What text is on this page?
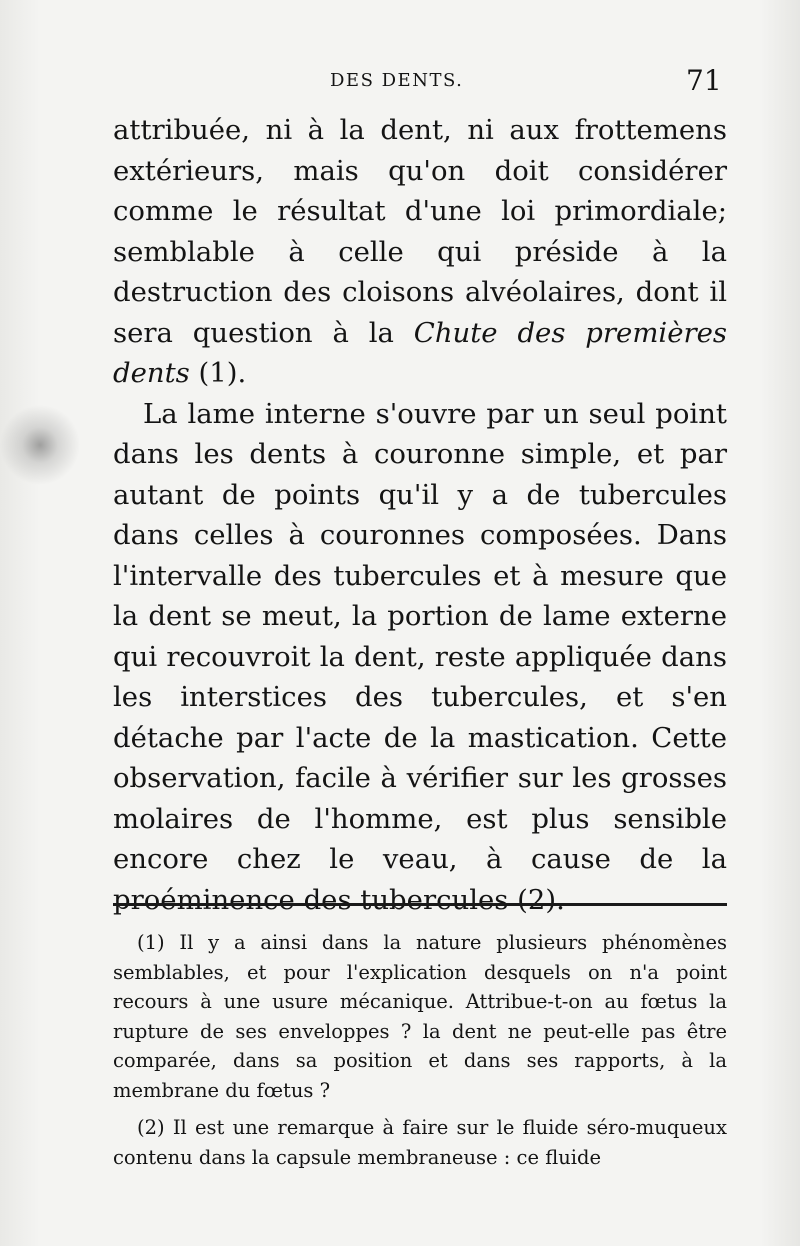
DES DENTS.	71

attribuée, ni à la dent, ni aux frottemens extérieurs, mais qu'on doit considérer comme le résultat d'une loi primordiale; semblable à celle qui préside à la destruction des cloisons alvéolaires, dont il sera question à la Chute des premières dents (1).

La lame interne s'ouvre par un seul point dans les dents à couronne simple, et par autant de points qu'il y a de tubercules dans celles à couronnes composées. Dans l'intervalle des tubercules et à mesure que la dent se meut, la portion de lame externe qui recouvroit la dent, reste appliquée dans les interstices des tubercules, et s'en détache par l'acte de la mastication. Cette observation, facile à vérifier sur les grosses molaires de l'homme, est plus sensible encore chez le veau, à cause de la proéminence des tubercules (2).

(1) Il y a ainsi dans la nature plusieurs phénomènes semblables, et pour l'explication desquels on n'a point recours à une usure mécanique. Attribue-t-on au fœtus la rupture de ses enveloppes ? la dent ne peut-elle pas être comparée, dans sa position et dans ses rapports, à la membrane du fœtus ?

(2) Il est une remarque à faire sur le fluide séro-muqueux contenu dans la capsule membraneuse : ce fluide
